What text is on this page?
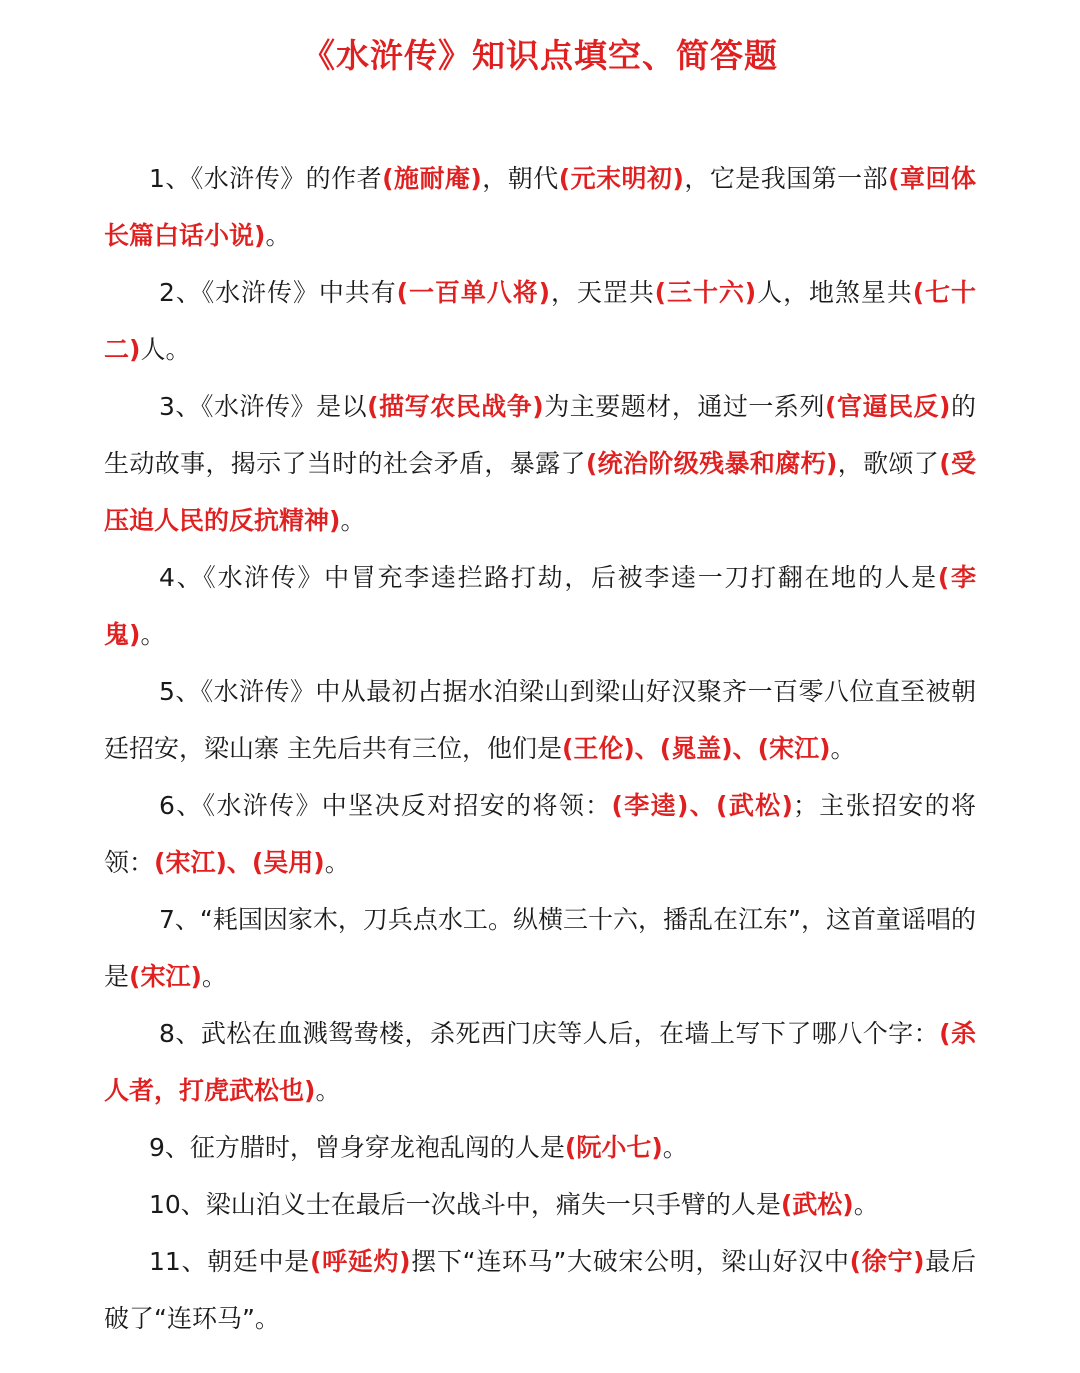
《水浒传》知识点填空、简答题

1、《水浒传》的作者(施耐庵)，朝代(元末明初)，它是我国第一部(章回体长篇白话小说)。

2、《水浒传》中共有(一百单八将)，天罡共(三十六)人，地煞星共(七十二)人。

3、《水浒传》是以(描写农民战争)为主要题材，通过一系列(官逼民反)的生动故事，揭示了当时的社会矛盾，暴露了(统治阶级残暴和腐朽)，歌颂了(受压迫人民的反抗精神)。

4、《水浒传》中冒充李逵拦路打劫，后被李逵一刀打翻在地的人是(李鬼)。

5、《水浒传》中从最初占据水泊梁山到梁山好汉聚齐一百零八位直至被朝廷招安，梁山寨 主先后共有三位，他们是(王伦)、(晁盖)、(宋江)。

6、《水浒传》中坚决反对招安的将领：(李逵)、(武松)；主张招安的将领：(宋江)、(吴用)。

7、“耗国因家木，刀兵点水工。纵横三十六，播乱在江东”，这首童谣唱的是(宋江)。

8、武松在血溅鸳鸯楼，杀死西门庆等人后，在墙上写下了哪八个字：(杀人者，打虎武松也)。

9、征方腊时，曾身穿龙袍乱闯的人是(阮小七)。

10、梁山泊义士在最后一次战斗中，痛失一只手臂的人是(武松)。

11、朝廷中是(呼延灼)摆下“连环马”大破宋公明，梁山好汉中(徐宁)最后破了“连环马”。
